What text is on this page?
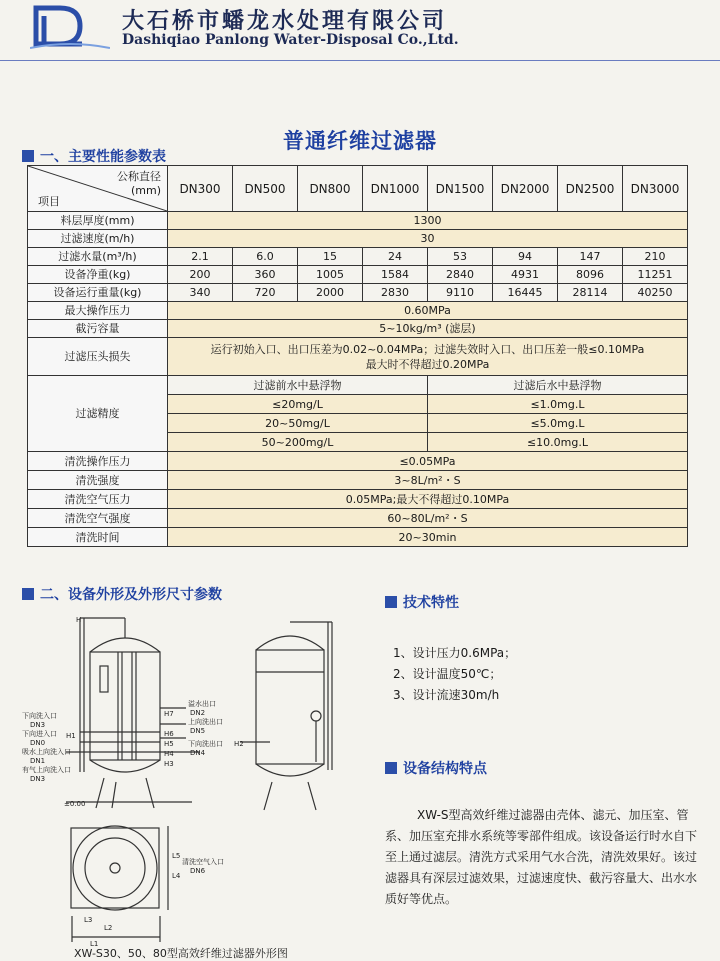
大石桥市蟠龙水处理有限公司
Dashiqiao Panlong Water-Disposal Co.,Ltd.
普通纤维过滤器
一、主要性能参数表
公称直径
(mm)
项目	DN300	DN500	DN800	DN1000	DN1500	DN2000	DN2500	DN3000
料层厚度(mm)	1300							
过滤速度(m/h)	30							
过滤水量(m³/h)	2.1	6.0	15	24	53	94	147	210
设备净重(kg)	200	360	1005	1584	2840	4931	8096	11251
设备运行重量(kg)	340	720	2000	2830	9110	16445	28114	40250
最大操作压力	0.60MPa							
截污容量	5~10kg/m³ (滤层)							
过滤压头损失	运行初始入口、出口压差为0.02~0.04MPa；过滤失效时入口、出口压差一般≤0.10MPa
最大时不得超过0.20MPa							
过滤精度	过滤前水中悬浮物				过滤后水中悬浮物			
	≤20mg/L				≤1.0mg.L			
	20~50mg/L				≤5.0mg.L			
	50~200mg/L				≤10.0mg.L			
清洗操作压力	≤0.05MPa							
清洗强度	3~8L/m²・S							
清洗空气压力	0.05MPa;最大不得超过0.10MPa							
清洗空气强度	60~80L/m²・S							
清洗时间	20~30min							
二、设备外形及外形尺寸参数
下向洗入口
DN3
下向进入口
DN0
吸水上向洗入口
DN1
有气上向洗入口
DN3
溢水出口
DN2
上向洗出口
DN5
下向洗出口
DN4
H7
H6
H5
H4
H3
H2
H1
H
±0.00
清洗空气入口
DN6
L1
L2
L3
L4
L5
XW-S30、50、80型高效纤维过滤器外形图
技术特性
1、设计压力0.6MPa；
2、设计温度50℃；
3、设计流速30m/h
设备结构特点
XW-S型高效纤维过滤器由壳体、滤元、加压室、管系、加压室充排水系统等零部件组成。该设备运行时水自下至上通过滤层。清洗方式采用气水合洗，清洗效果好。该过滤器具有深层过滤效果，过滤速度快、截污容量大、出水水质好等优点。
